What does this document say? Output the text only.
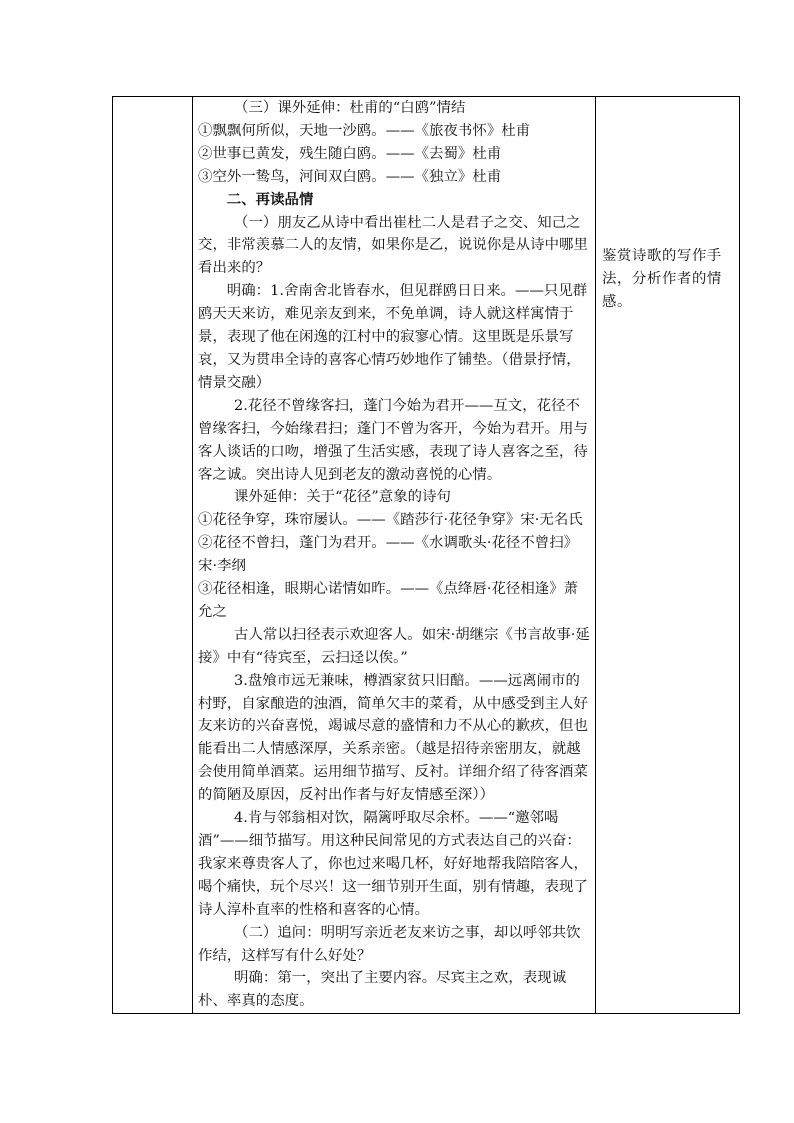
（三）课外延伸：杜甫的“白鸥”情结

①飘飘何所似，天地一沙鸥。——《旅夜书怀》杜甫

②世事已黄发，残生随白鸥。——《去蜀》杜甫

③空外一鸷鸟，河间双白鸥。——《独立》杜甫

二、再读品情

（一）朋友乙从诗中看出崔杜二人是君子之交、知己之交，非常羡慕二人的友情，如果你是乙，说说你是从诗中哪里看出来的？

明确：1.舍南舍北皆春水，但见群鸥日日来。——只见群鸥天天来访，难见亲友到来，不免单调，诗人就这样寓情于景，表现了他在闲逸的江村中的寂寥心情。这里既是乐景写哀，又为贯串全诗的喜客心情巧妙地作了铺垫。（借景抒情，情景交融）

2.花径不曾缘客扫，蓬门今始为君开——互文，花径不曾缘客扫，今始缘君扫；蓬门不曾为客开，今始为君开。用与客人谈话的口吻，增强了生活实感，表现了诗人喜客之至，待客之诚。突出诗人见到老友的激动喜悦的心情。

课外延伸：关于“花径”意象的诗句

①花径争穿，珠帘屡认。——《踏莎行·花径争穿》宋·无名氏

②花径不曾扫，蓬门为君开。——《水调歌头·花径不曾扫》宋·李纲

③花径相逢，眼期心诺情如昨。——《点绛唇·花径相逢》萧允之

古人常以扫径表示欢迎客人。如宋·胡继宗《书言故事·延接》中有“待宾至，云扫迳以俟。”

3.盘飧市远无兼味，樽酒家贫只旧醅。——远离闹市的村野，自家酿造的浊酒，简单欠丰的菜肴，从中感受到主人好友来访的兴奋喜悦，竭诚尽意的盛情和力不从心的歉疚，但也能看出二人情感深厚，关系亲密。（越是招待亲密朋友，就越会使用简单酒菜。运用细节描写、反衬。详细介绍了待客酒菜的简陋及原因，反衬出作者与好友情感至深））

4.肯与邻翁相对饮，隔篱呼取尽余杯。——“邀邻喝酒”——细节描写。用这种民间常见的方式表达自己的兴奋：我家来尊贵客人了，你也过来喝几杯，好好地帮我陪陪客人，喝个痛快，玩个尽兴！这一细节别开生面，别有情趣，表现了诗人淳朴直率的性格和喜客的心情。

（二）追问：明明写亲近老友来访之事，却以呼邻共饮作结，这样写有什么好处？

明确：第一，突出了主要内容。尽宾主之欢，表现诚朴、率真的态度。

鉴赏诗歌的写作手法，分析作者的情感。
